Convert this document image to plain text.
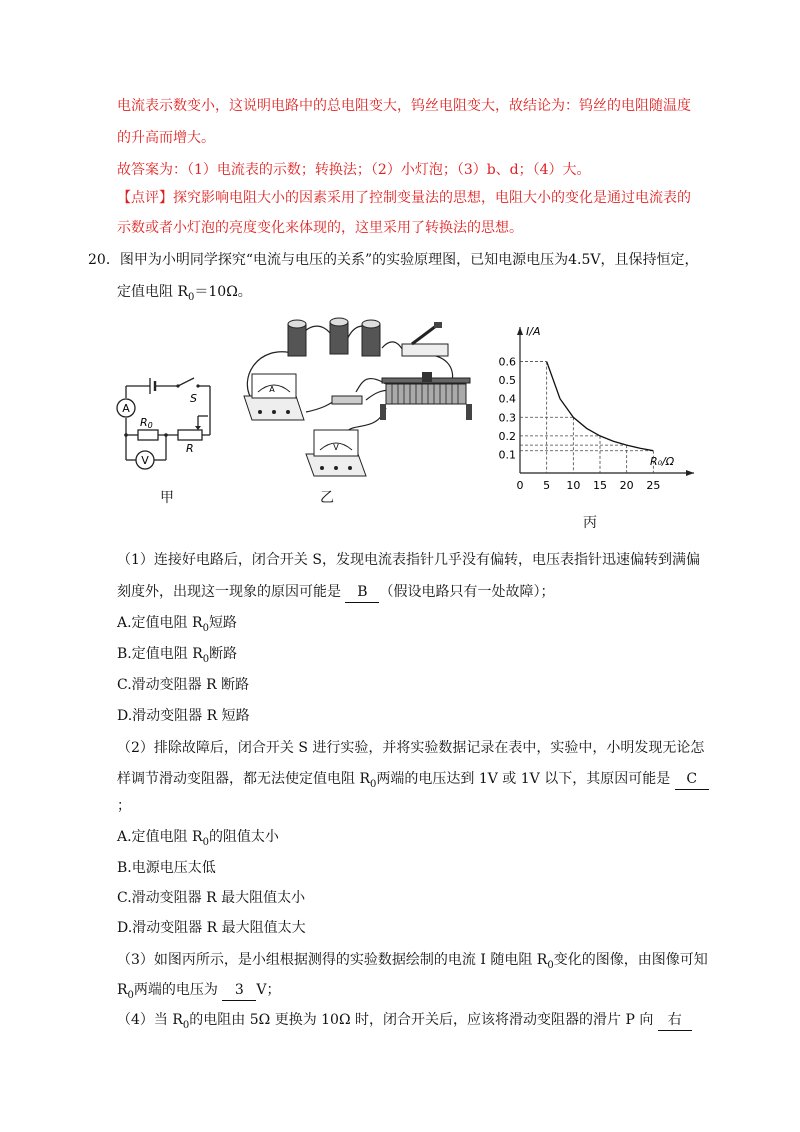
电流表示数变小，这说明电路中的总电阻变大，钨丝电阻变大，故结论为：钨丝的电阻随温度
的升高而增大。
故答案为：（1）电流表的示数；转换法；（2）小灯泡；（3）b、d；（4）大。
【点评】探究影响电阻大小的因素采用了控制变量法的思想，电阻大小的变化是通过电流表的
示数或者小灯泡的亮度变化来体现的，这里采用了转换法的思想。
20．图甲为小明同学探究“电流与电压的关系”的实验原理图，已知电源电压为4.5V，且保持恒定，
定值电阻 $R_0=10\Omega$。
A
V
S
R0
R
甲
A
V
乙
I/A
R₀/Ω
0 5 10 15 20 25
0.1
0.2
0.3
0.4
0.5
0.6
丙
（1）连接好电路后，闭合开关 S，发现电流表指针几乎没有偏转，电压表指针迅速偏转到满偏
刻度外，出现这一现象的原因可能是 B （假设电路只有一处故障）；
A.定值电阻 $R_0$短路
B.定值电阻 $R_0$断路
C.滑动变阻器 R 断路
D.滑动变阻器 R 短路
（2）排除故障后，闭合开关 S 进行实验，并将实验数据记录在表中，实验中，小明发现无论怎
样调节滑动变阻器，都无法使定值电阻 $R_0$两端的电压达到 1V 或 1V 以下，其原因可能是 C
；
A.定值电阻 $R_0$的阻值太小
B.电源电压太低
C.滑动变阻器 R 最大阻值太小
D.滑动变阻器 R 最大阻值太大
（3）如图丙所示，是小组根据测得的实验数据绘制的电流 I 随电阻 $R_0$变化的图像，由图像可知
$R_0$两端的电压为 3 V；
（4）当 $R_0$的电阻由 5Ω 更换为 10Ω 时，闭合开关后，应该将滑动变阻器的滑片 P 向 右
